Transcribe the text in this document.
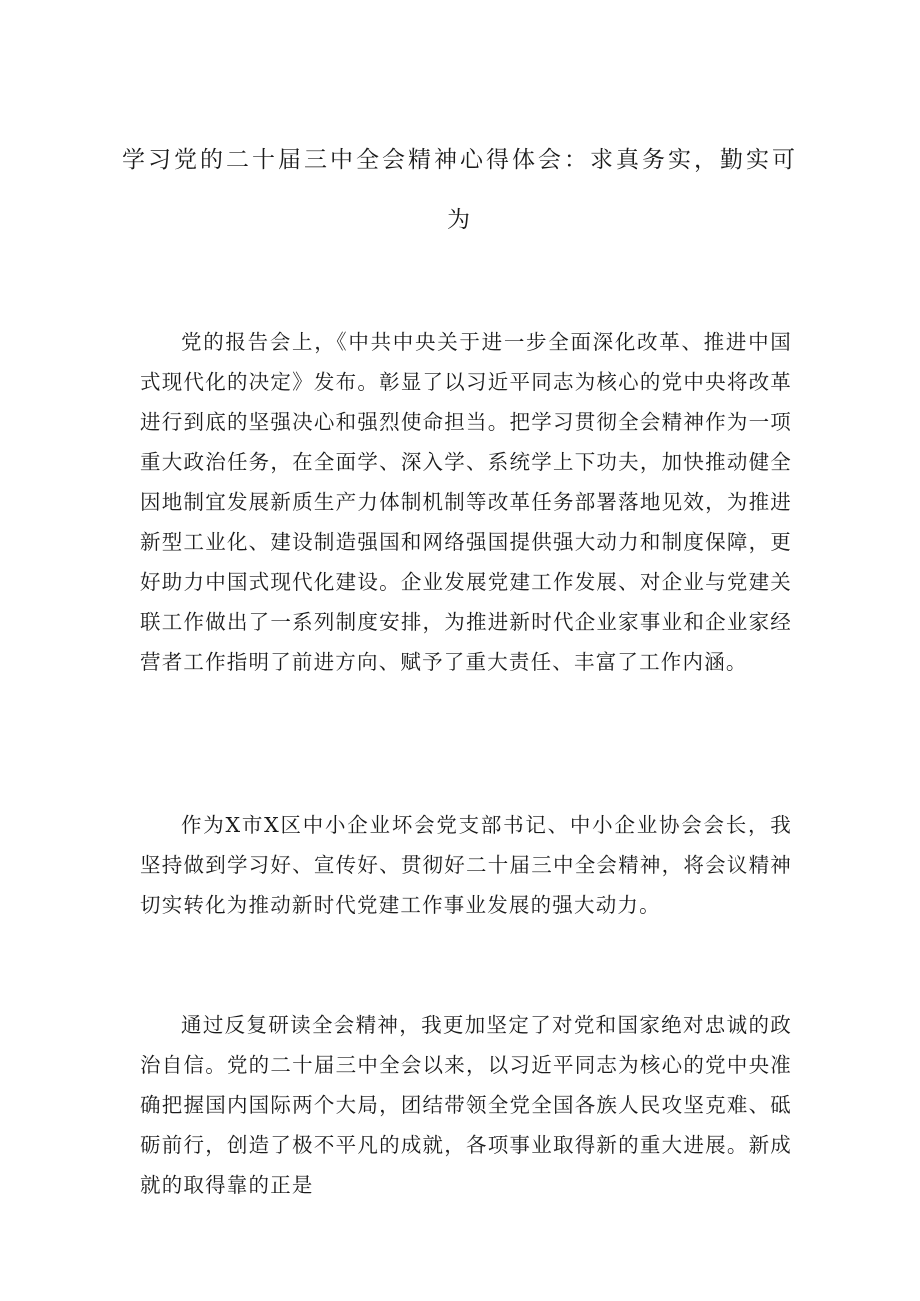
学习党的二十届三中全会精神心得体会：求真务实，勤实可为

党的报告会上，《中共中央关于进一步全面深化改革、推进中国式现代化的决定》发布。彰显了以习近平同志为核心的党中央将改革进行到底的坚强决心和强烈使命担当。把学习贯彻全会精神作为一项重大政治任务，在全面学、深入学、系统学上下功夫，加快推动健全因地制宜发展新质生产力体制机制等改革任务部署落地见效，为推进新型工业化、建设制造强国和网络强国提供强大动力和制度保障，更好助力中国式现代化建设。企业发展党建工作发展、对企业与党建关联工作做出了一系列制度安排，为推进新时代企业家事业和企业家经营者工作指明了前进方向、赋予了重大责任、丰富了工作内涵。

作为X市X区中小企业坏会党支部书记、中小企业协会会长，我坚持做到学习好、宣传好、贯彻好二十届三中全会精神，将会议精神切实转化为推动新时代党建工作事业发展的强大动力。

通过反复研读全会精神，我更加坚定了对党和国家绝对忠诚的政治自信。党的二十届三中全会以来，以习近平同志为核心的党中央准确把握国内国际两个大局，团结带领全党全国各族人民攻坚克难、砥砺前行，创造了极不平凡的成就，各项事业取得新的重大进展。新成就的取得靠的正是
